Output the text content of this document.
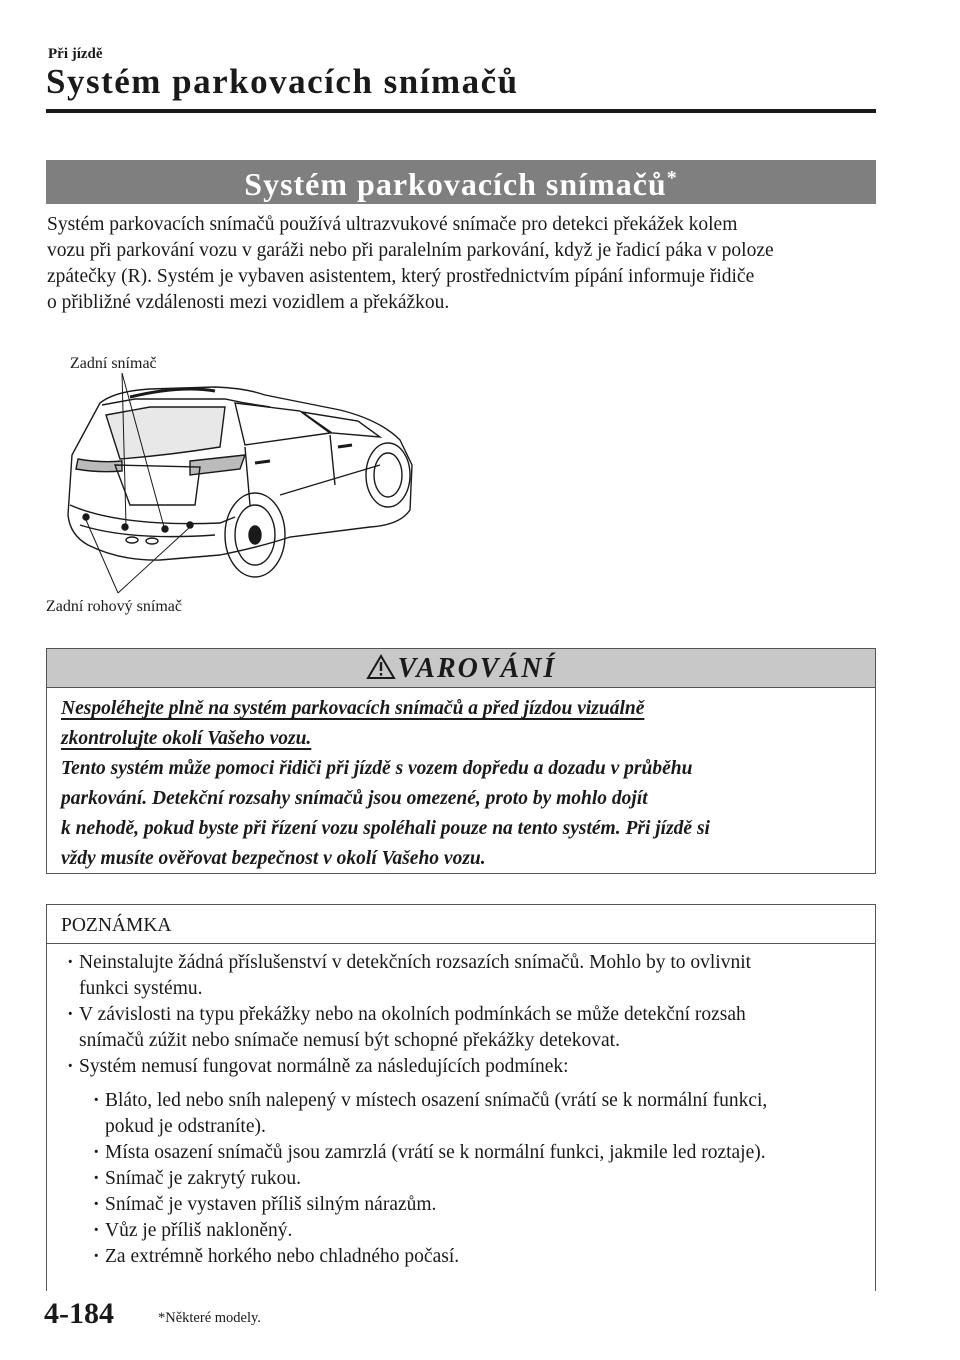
Při jízdě
Systém parkovacích snímačů
Systém parkovacích snímačů*

Systém parkovacích snímačů používá ultrazvukové snímače pro detekci překážek kolem

vozu při parkování vozu v garáži nebo při paralelním parkování, když je řadicí páka v poloze

zpátečky (R). Systém je vybaven asistentem, který prostřednictvím pípání informuje řidiče

o přibližné vzdálenosti mezi vozidlem a překážkou.

Zadní snímač
Zadní rohový snímač
VAROVÁNÍ

Nespoléhejte plně na systém parkovacích snímačů a před jízdou vizuálně

zkontrolujte okolí Vašeho vozu.

Tento systém může pomoci řidiči při jízdě s vozem dopředu a dozadu v průběhu

parkování. Detekční rozsahy snímačů jsou omezené, proto by mohlo dojít

k nehodě, pokud byste při řízení vozu spoléhali pouze na tento systém. Při jízdě si

vždy musíte ověřovat bezpečnost v okolí Vašeho vozu.

POZNÁMKA
· Neinstalujte žádná příslušenství v detekčních rozsazích snímačů. Mohlo by to ovlivnit
funkci systému.
· V závislosti na typu překážky nebo na okolních podmínkách se může detekční rozsah
snímačů zúžit nebo snímače nemusí být schopné překážky detekovat.
· Systém nemusí fungovat normálně za následujících podmínek:
· Bláto, led nebo sníh nalepený v místech osazení snímačů (vrátí se k normální funkci,
pokud je odstraníte).
· Místa osazení snímačů jsou zamrzlá (vrátí se k normální funkci, jakmile led roztaje).
· Snímač je zakrytý rukou.
· Snímač je vystaven příliš silným nárazům.
· Vůz je příliš nakloněný.
· Za extrémně horkého nebo chladného počasí.
4-184	*Některé modely.
